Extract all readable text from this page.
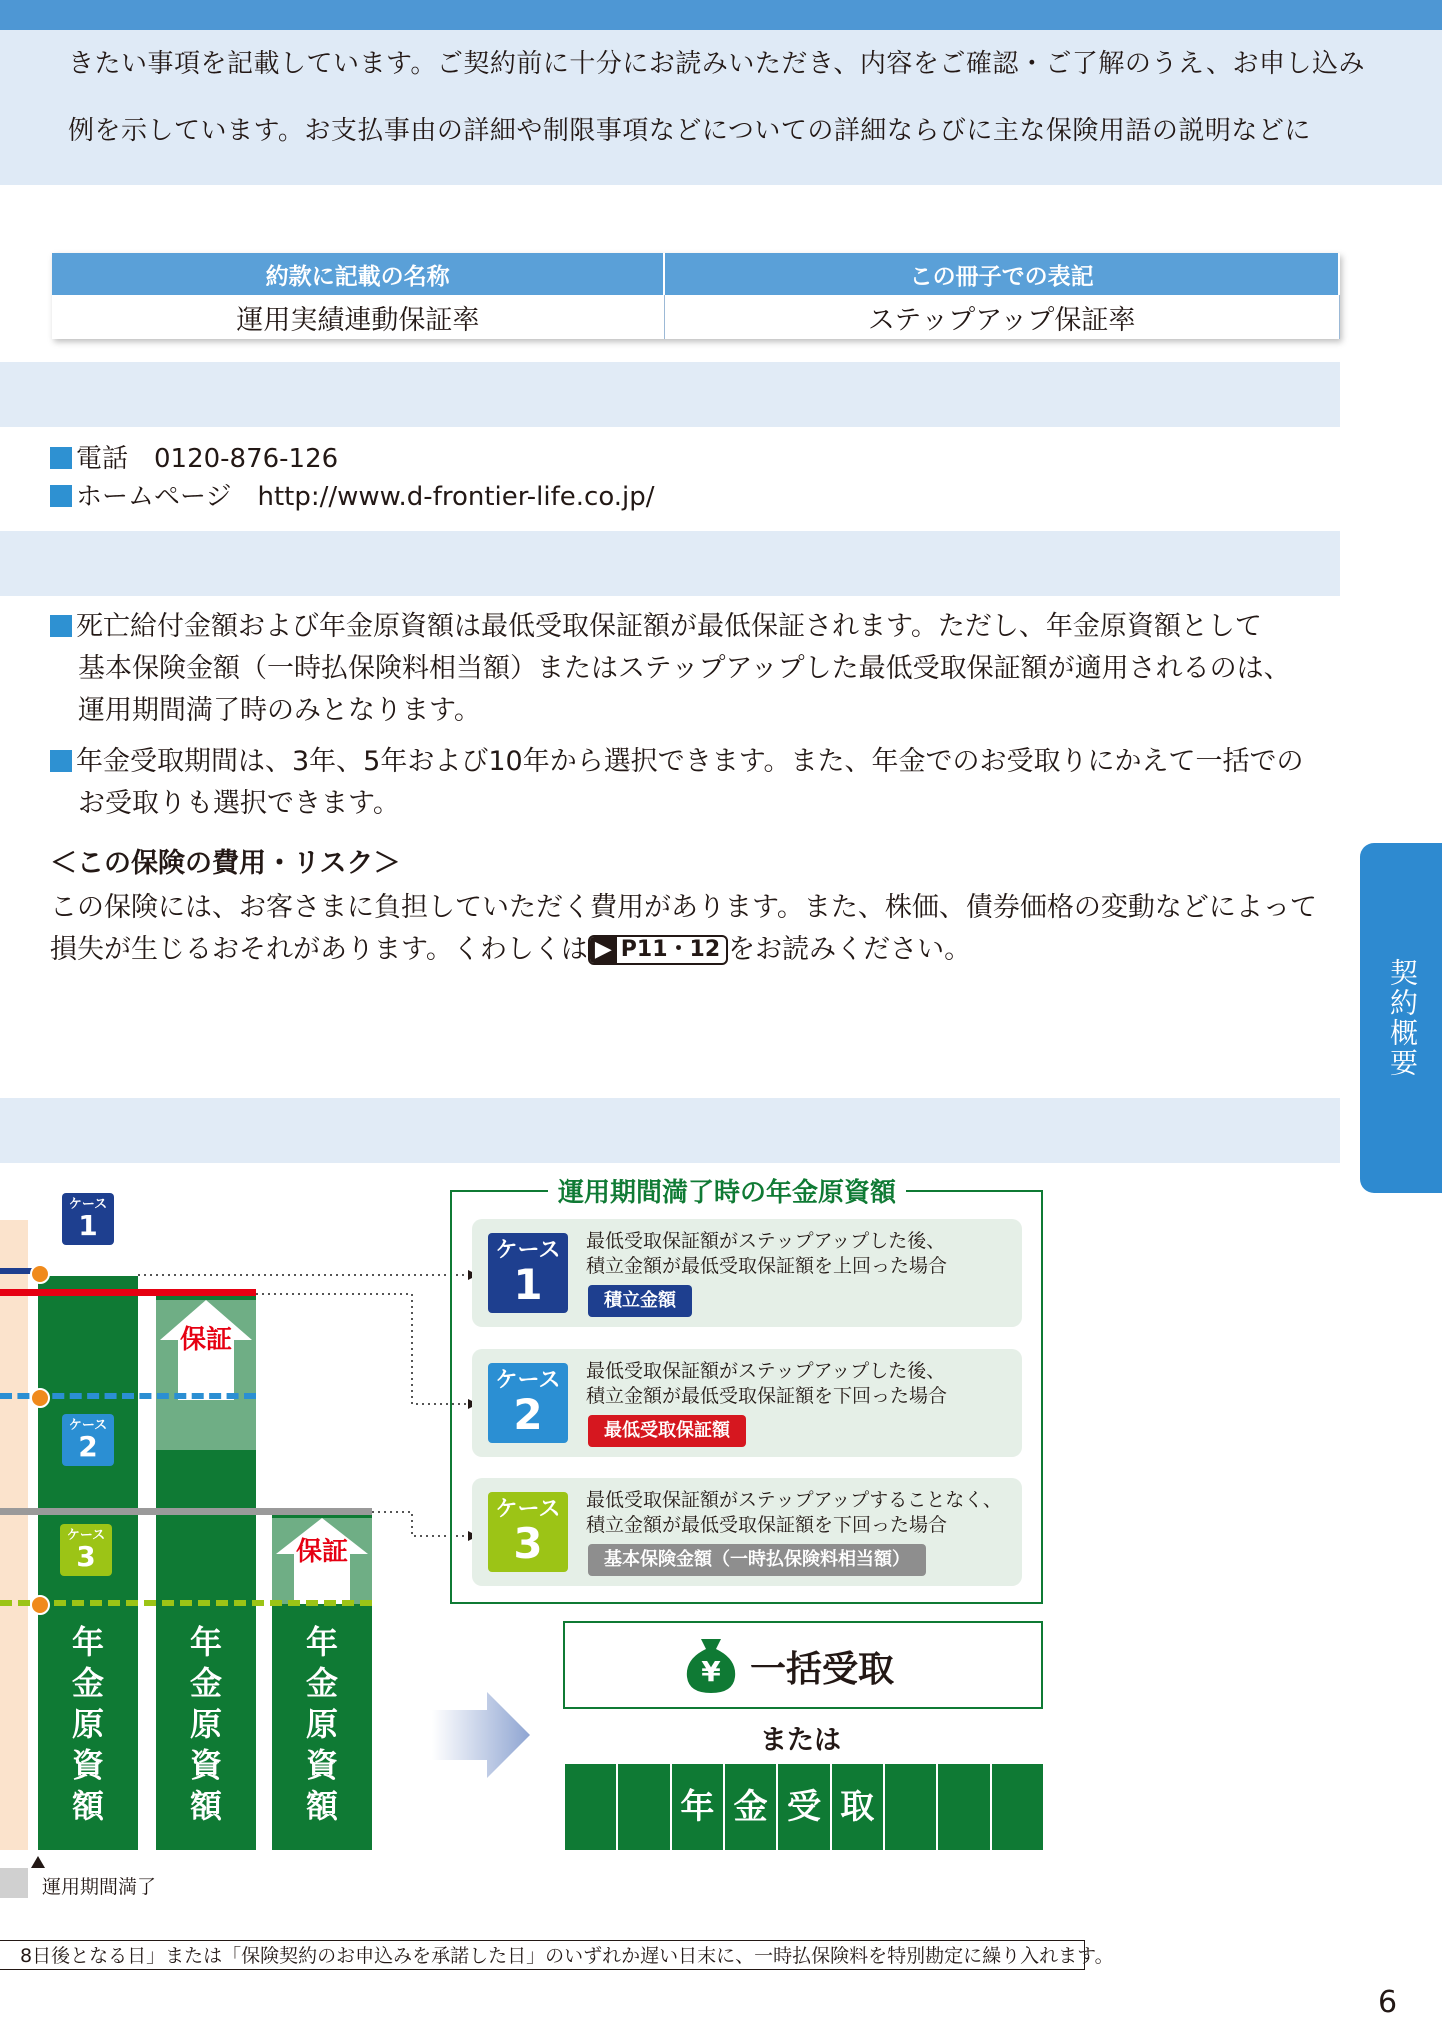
きたい事項を記載しています。ご契約前に十分にお読みいただき、内容をご確認・ご了解のうえ、お申し込み
例を示しています。お支払事由の詳細や制限事項などについての詳細ならびに主な保険用語の説明などに
約款に記載の名称	この冊子での表記
運用実績連動保証率	ステップアップ保証率
電話　0120-876-126
ホームページ　http://www.d-frontier-life.co.jp/
死亡給付金額および年金原資額は最低受取保証額が最低保証されます。ただし、年金原資額として
基本保険金額（一時払保険料相当額）またはステップアップした最低受取保証額が適用されるのは、
運用期間満了時のみとなります。
年金受取期間は、3年、5年および10年から選択できます。また、年金でのお受取りにかえて一括での
お受取りも選択できます。
＜この保険の費用・リスク＞
この保険には、お客さまに負担していただく費用があります。また、株価、債券価格の変動などによって
損失が生じるおそれがあります。くわしくは ▶ P11・12 をお読みください。
契約概要
保証
保証
ケース
1
ケース
2
ケース
3
年
金
原
資
額
年
金
原
資
額
年
金
原
資
額
運用期間満了
運用期間満了時の年金原資額
ケース
1
最低受取保証額がステップアップした後、
積立金額が最低受取保証額を上回った場合
積立金額
ケース
2
最低受取保証額がステップアップした後、
積立金額が最低受取保証額を下回った場合
最低受取保証額
ケース
3
最低受取保証額がステップアップすることなく、
積立金額が最低受取保証額を下回った場合
基本保険金額（一時払保険料相当額）
¥ 一括受取
または
年 金 受 取
8日後となる日」または「保険契約のお申込みを承諾した日」のいずれか遅い日末に、一時払保険料を特別勘定に繰り入れます。
6
